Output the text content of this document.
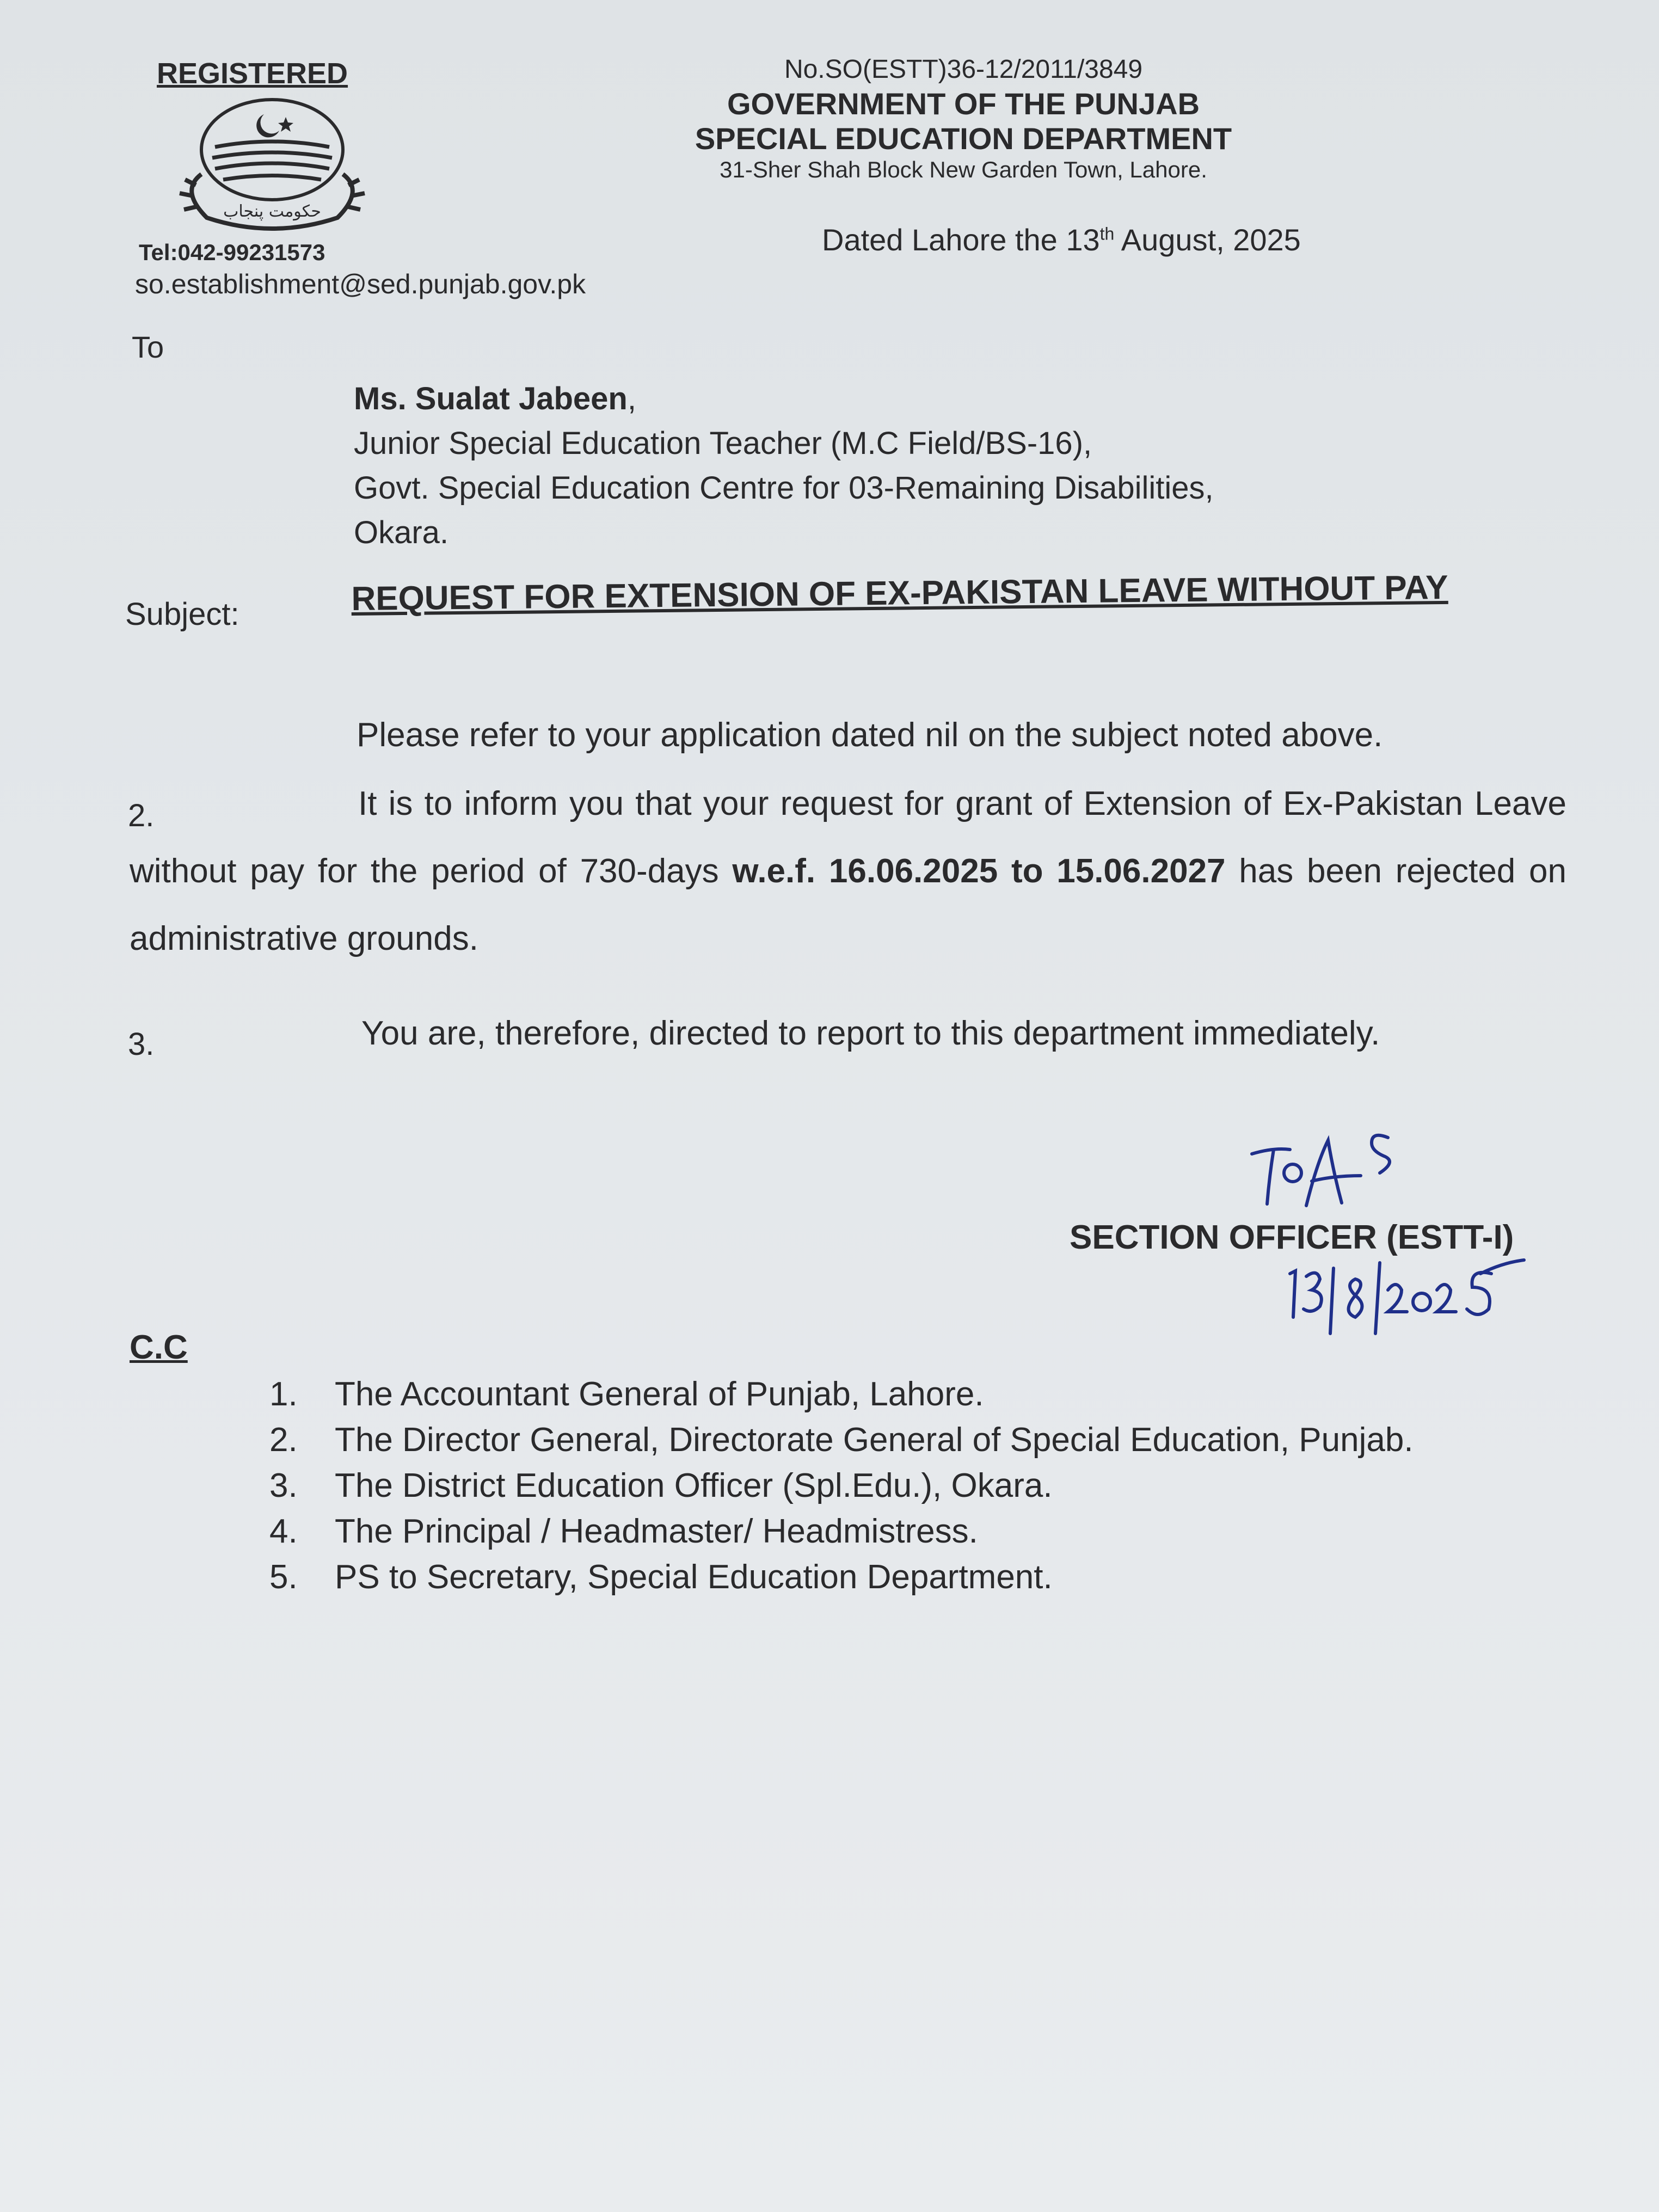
REGISTERED
حکومت پنجاب
Tel:042-99231573
so.establishment@sed.punjab.gov.pk
No.SO(ESTT)36-12/2011/3849
GOVERNMENT OF THE PUNJAB
SPECIAL EDUCATION DEPARTMENT
31-Sher Shah Block New Garden Town, Lahore.
Dated Lahore the 13th August, 2025
To
Ms. Sualat Jabeen,
Junior Special Education Teacher (M.C Field/BS-16),
Govt. Special Education Centre for 03-Remaining Disabilities,
Okara.
Subject:	REQUEST FOR EXTENSION OF EX-PAKISTAN LEAVE WITHOUT PAY
Please refer to your application dated nil on the subject noted above.
2.	It is to inform you that your request for grant of Extension of Ex-Pakistan Leave without pay for the period of 730-days w.e.f. 16.06.2025 to 15.06.2027 has been rejected on administrative grounds.
3.	You are, therefore, directed to report to this department immediately.
SECTION OFFICER (ESTT-I)
C.C
1. The Accountant General of Punjab, Lahore.
2. The Director General, Directorate General of Special Education, Punjab.
3. The District Education Officer (Spl.Edu.), Okara.
4. The Principal / Headmaster/ Headmistress.
5. PS to Secretary, Special Education Department.
